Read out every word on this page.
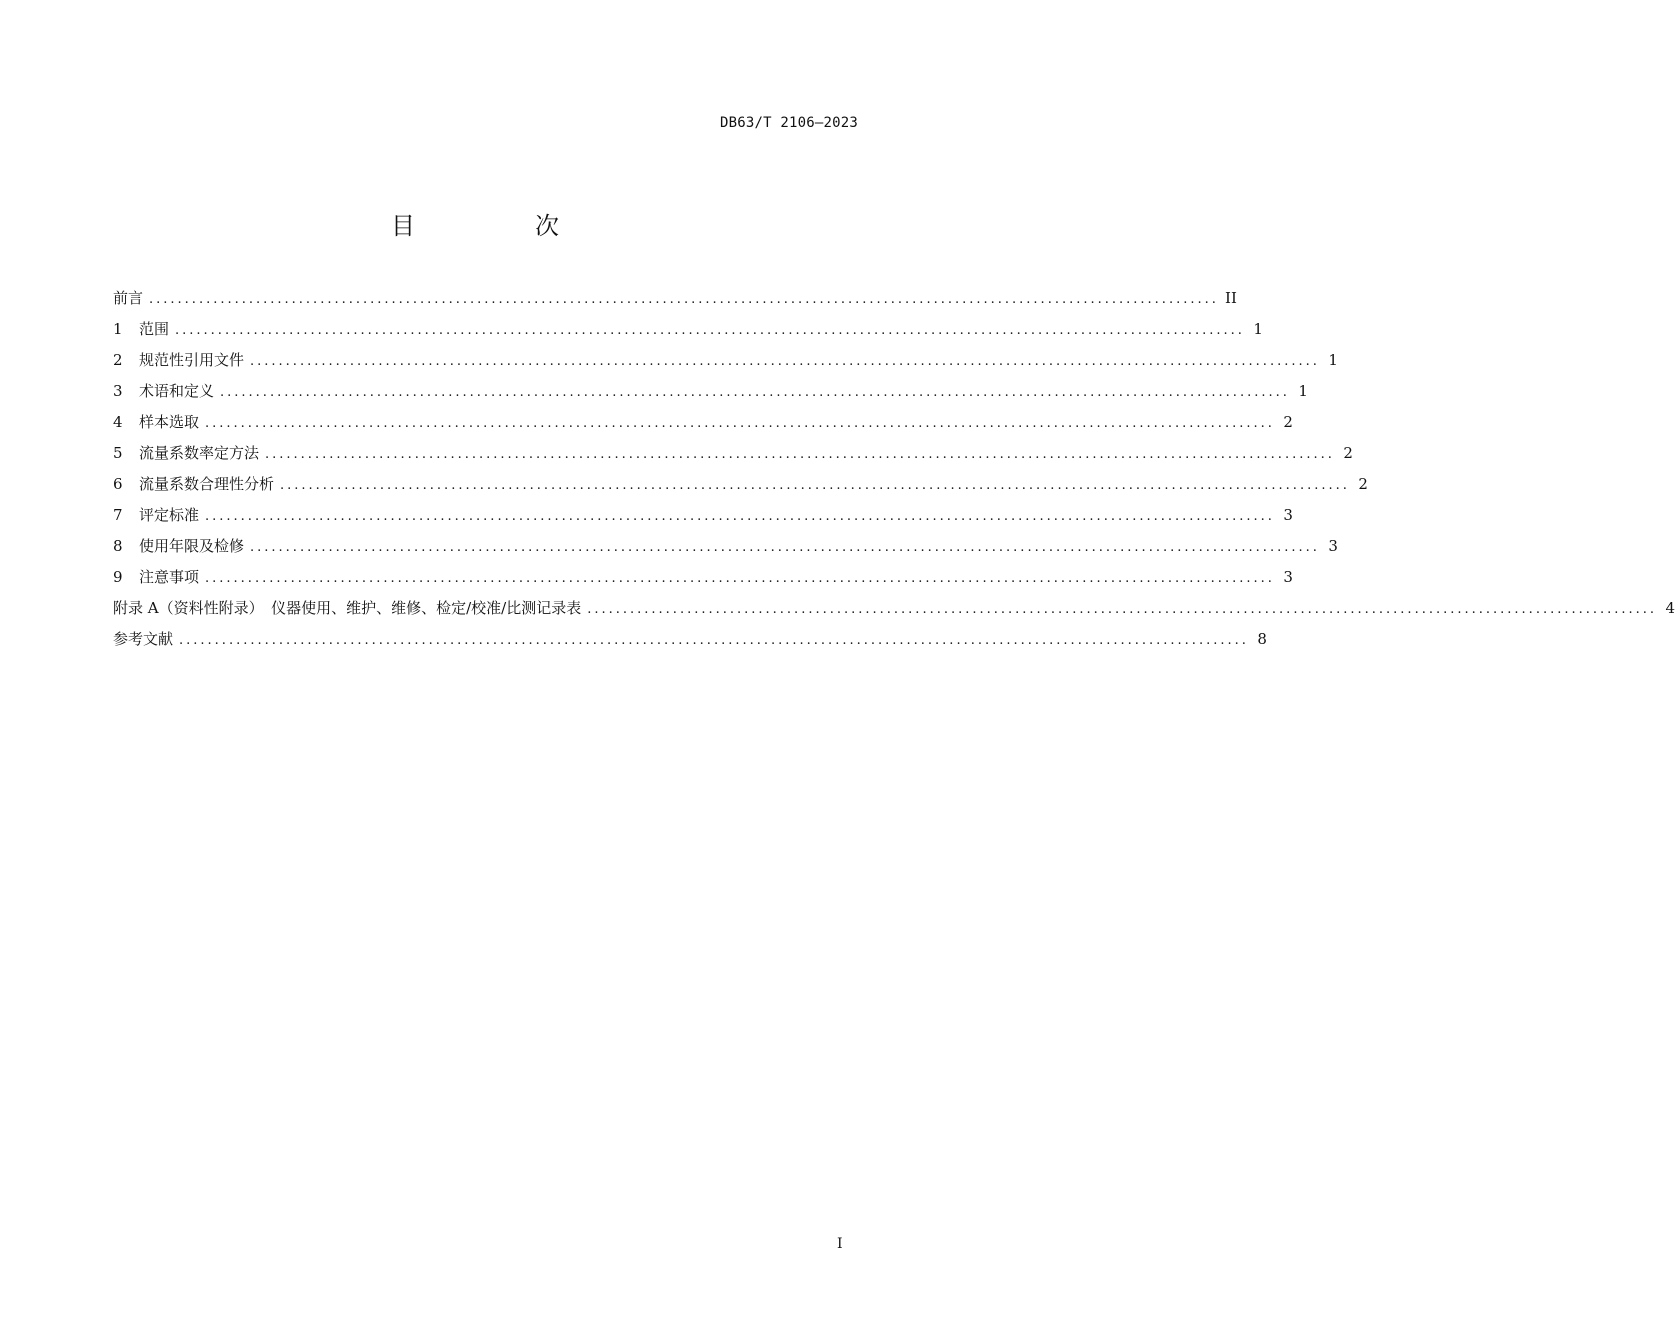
DB63/T 2106—2023
目　次
前言 ...................................................................................................................................................... II
1 范围 ...................................................................................................................................................... 1
2 规范性引用文件 ...................................................................................................................................................... 1
3 术语和定义 ...................................................................................................................................................... 1
4 样本选取 ...................................................................................................................................................... 2
5 流量系数率定方法 ...................................................................................................................................................... 2
6 流量系数合理性分析 ...................................................................................................................................................... 2
7 评定标准 ...................................................................................................................................................... 3
8 使用年限及检修 ...................................................................................................................................................... 3
9 注意事项 ...................................................................................................................................................... 3
附录 A（资料性附录）　仪器使用、维护、维修、检定/校准/比测记录表 ...................................................................................................................................................... 4
参考文献 ...................................................................................................................................................... 8
I
